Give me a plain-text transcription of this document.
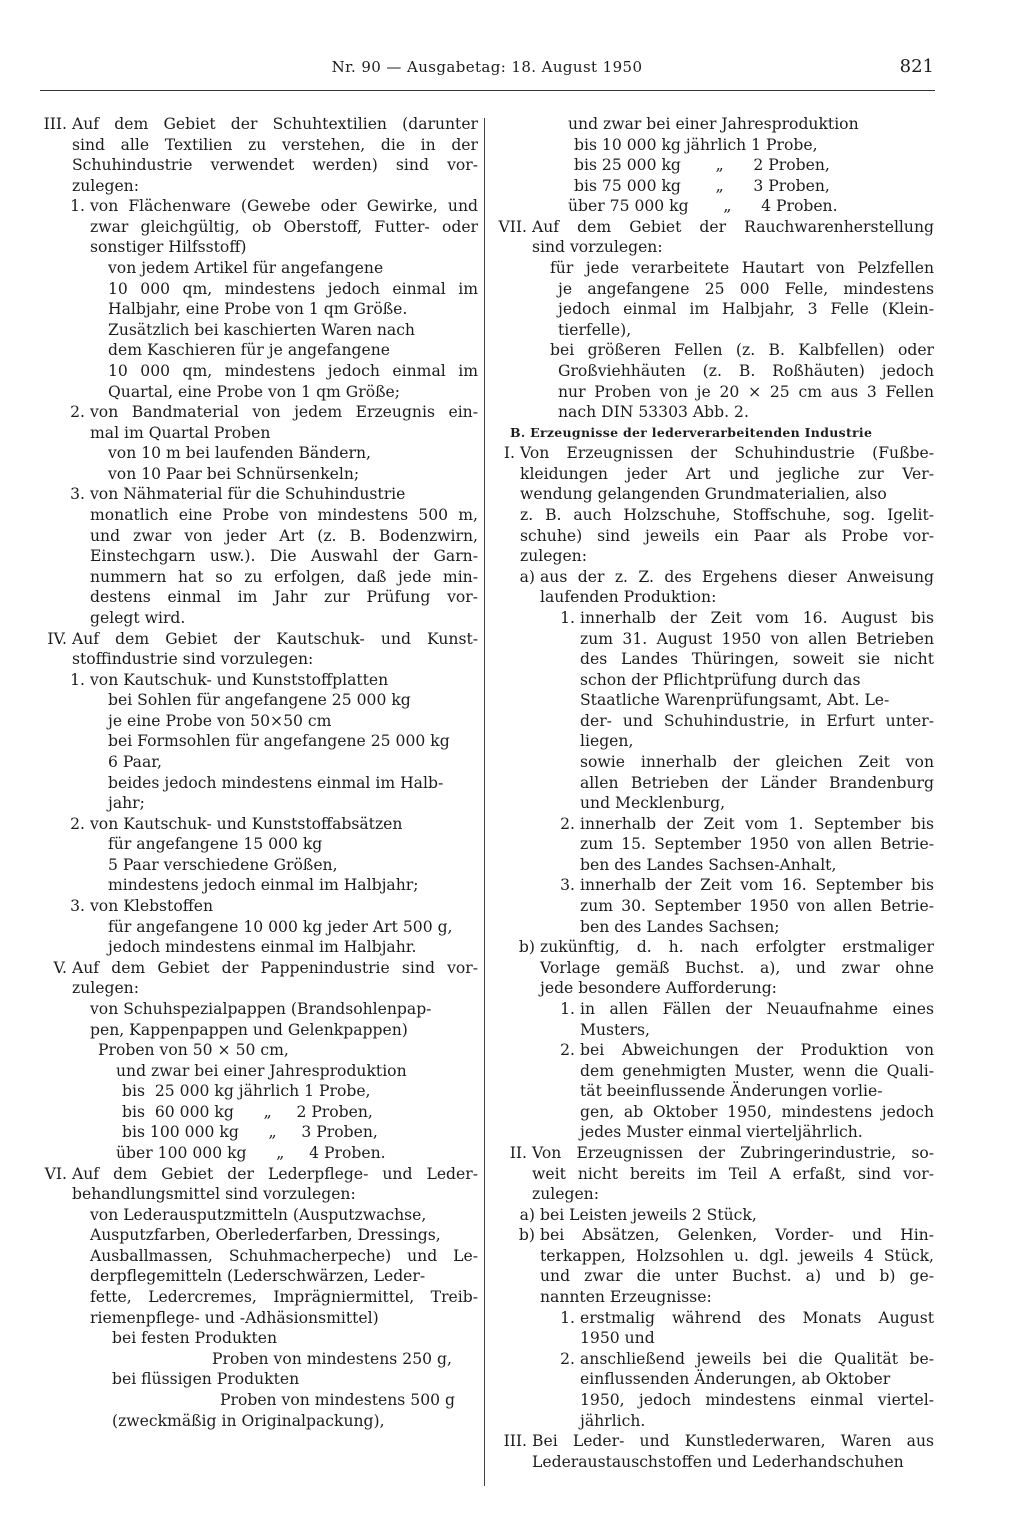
Nr. 90 — Ausgabetag: 18. August 1950	821
III. Auf dem Gebiet der Schuhtextilien (darunter
sind alle Textilien zu verstehen, die in der
Schuhindustrie verwendet werden) sind vor-
zulegen:
1. von Flächenware (Gewebe oder Gewirke, und
zwar gleichgültig, ob Oberstoff, Futter- oder
sonstiger Hilfsstoff)
von jedem Artikel für angefangene
10 000 qm, mindestens jedoch einmal im
Halbjahr, eine Probe von 1 qm Größe.
Zusätzlich bei kaschierten Waren nach
dem Kaschieren für je angefangene
10 000 qm, mindestens jedoch einmal im
Quartal, eine Probe von 1 qm Größe;
2. von Bandmaterial von jedem Erzeugnis ein-
mal im Quartal Proben
von 10 m bei laufenden Bändern,
von 10 Paar bei Schnürsenkeln;
3. von Nähmaterial für die Schuhindustrie
monatlich eine Probe von mindestens 500 m,
und zwar von jeder Art (z. B. Bodenzwirn,
Einstechgarn usw.). Die Auswahl der Garn-
nummern hat so zu erfolgen, daß jede min-
destens einmal im Jahr zur Prüfung vor-
gelegt wird.
IV. Auf dem Gebiet der Kautschuk- und Kunst-
stoffindustrie sind vorzulegen:
1. von Kautschuk- und Kunststoffplatten
bei Sohlen für angefangene 25 000 kg
je eine Probe von 50×50 cm
bei Formsohlen für angefangene 25 000 kg
6 Paar,
beides jedoch mindestens einmal im Halb-
jahr;
2. von Kautschuk- und Kunststoffabsätzen
für angefangene 15 000 kg
5 Paar verschiedene Größen,
mindestens jedoch einmal im Halbjahr;
3. von Klebstoffen
für angefangene 10 000 kg jeder Art 500 g,
jedoch mindestens einmal im Halbjahr.
V. Auf dem Gebiet der Pappenindustrie sind vor-
zulegen:
von Schuhspezialpappen (Brandsohlenpap-
pen, Kappenpappen und Gelenkpappen)
Proben von 50 × 50 cm,
und zwar bei einer Jahresproduktion
bis  25 000 kg jährlich 1 Probe,
bis  60 000 kg      „     2 Proben,
bis 100 000 kg      „     3 Proben,
über 100 000 kg      „     4 Proben.
VI. Auf dem Gebiet der Lederpflege- und Leder-
behandlungsmittel sind vorzulegen:
von Lederausputzmitteln (Ausputzwachse,
Ausputzfarben, Oberlederfarben, Dressings,
Ausballmassen, Schuhmacherpeche) und Le-
derpflegemitteln (Lederschwärzen, Leder-
fette, Ledercremes, Imprägniermittel, Treib-
riemenpflege- und -Adhäsionsmittel)
bei festen Produkten
Proben von mindestens 250 g,
bei flüssigen Produkten
Proben von mindestens 500 g
(zweckmäßig in Originalpackung),
und zwar bei einer Jahresproduktion
bis 10 000 kg jährlich 1 Probe,
bis 25 000 kg       „      2 Proben,
bis 75 000 kg       „      3 Proben,
über 75 000 kg       „      4 Proben.
VII. Auf dem Gebiet der Rauchwarenherstellung
sind vorzulegen:
für jede verarbeitete Hautart von Pelzfellen
je angefangene 25 000 Felle, mindestens
jedoch einmal im Halbjahr, 3 Felle (Klein-
tierfelle),
bei größeren Fellen (z. B. Kalbfellen) oder
Großviehhäuten (z. B. Roßhäuten) jedoch
nur Proben von je 20 × 25 cm aus 3 Fellen
nach DIN 53303 Abb. 2.
B. Erzeugnisse der lederverarbeitenden Industrie
I. Von Erzeugnissen der Schuhindustrie (Fußbe-
kleidungen jeder Art und jegliche zur Ver-
wendung gelangenden Grundmaterialien, also
z. B. auch Holzschuhe, Stoffschuhe, sog. Igelit-
schuhe) sind jeweils ein Paar als Probe vor-
zulegen:
a) aus der z. Z. des Ergehens dieser Anweisung
laufenden Produktion:
1. innerhalb der Zeit vom 16. August bis
zum 31. August 1950 von allen Betrieben
des Landes Thüringen, soweit sie nicht
schon der Pflichtprüfung durch das
Staatliche Warenprüfungsamt, Abt. Le-
der- und Schuhindustrie, in Erfurt unter-
liegen,
sowie innerhalb der gleichen Zeit von
allen Betrieben der Länder Brandenburg
und Mecklenburg,
2. innerhalb der Zeit vom 1. September bis
zum 15. September 1950 von allen Betrie-
ben des Landes Sachsen-Anhalt,
3. innerhalb der Zeit vom 16. September bis
zum 30. September 1950 von allen Betrie-
ben des Landes Sachsen;
b) zukünftig, d. h. nach erfolgter erstmaliger
Vorlage gemäß Buchst. a), und zwar ohne
jede besondere Aufforderung:
1. in allen Fällen der Neuaufnahme eines
Musters,
2. bei Abweichungen der Produktion von
dem genehmigten Muster, wenn die Quali-
tät beeinflussende Änderungen vorlie-
gen, ab Oktober 1950, mindestens jedoch
jedes Muster einmal vierteljährlich.
II. Von Erzeugnissen der Zubringerindustrie, so-
weit nicht bereits im Teil A erfaßt, sind vor-
zulegen:
a) bei Leisten jeweils 2 Stück,
b) bei Absätzen, Gelenken, Vorder- und Hin-
terkappen, Holzsohlen u. dgl. jeweils 4 Stück,
und zwar die unter Buchst. a) und b) ge-
nannten Erzeugnisse:
1. erstmalig während des Monats August
1950 und
2. anschließend jeweils bei die Qualität be-
einflussenden Änderungen, ab Oktober
1950, jedoch mindestens einmal viertel-
jährlich.
III. Bei Leder- und Kunstlederwaren, Waren aus
Lederaustauschstoffen und Lederhandschuhen
